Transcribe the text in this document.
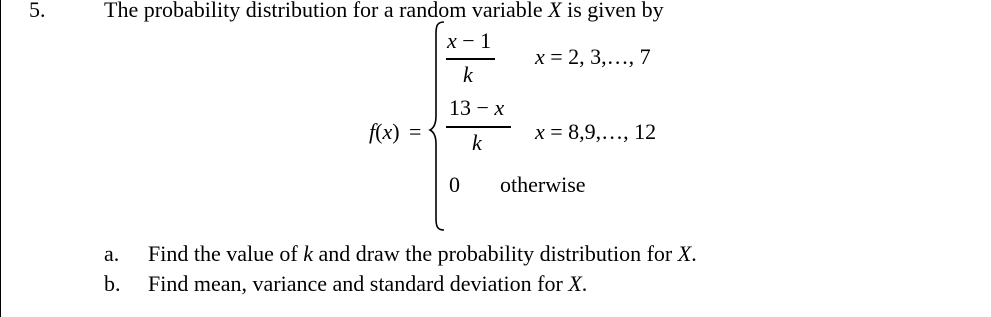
5.	The probability distribution for a random variable X is given by
f(x) =
x − 1
k
x = 2, 3,…, 7
13 − x
k x = 8,9,…, 12
0 otherwise
a. Find the value of k and draw the probability distribution for X.
b. Find mean, variance and standard deviation for X.
